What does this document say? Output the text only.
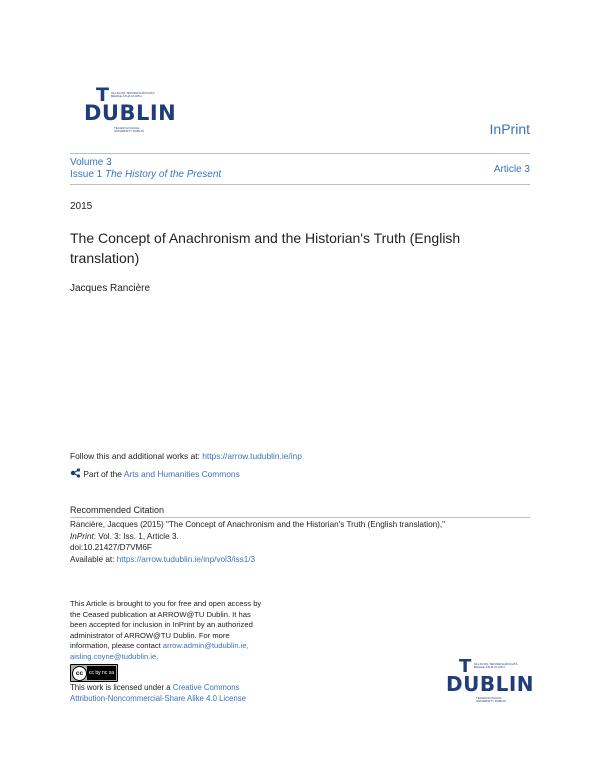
T OLLSCOIL TEICNEOLAÍOCHTA
BHAILE ÁTHA CLIATH
DUBLIN
TECHNOLOGICAL
UNIVERSITY DUBLIN	InPrint
Volume 3
Issue 1 The History of the Present	Article 3
2015
The Concept of Anachronism and the Historian's Truth (English translation)
Jacques Rancière
Follow this and additional works at: https://arrow.tudublin.ie/inp
Part of the Arts and Humanities Commons
Recommended Citation
Rancière, Jacques (2015) "The Concept of Anachronism and the Historian's Truth (English translation),"
InPrint: Vol. 3: Iss. 1, Article 3.
doi:10.21427/D7VM6F
Available at: https://arrow.tudublin.ie/inp/vol3/iss1/3
This Article is brought to you for free and open access by
the Ceased publication at ARROW@TU Dublin. It has
been accepted for inclusion in InPrint by an authorized
administrator of ARROW@TU Dublin. For more
information, please contact arrow.admin@tudublin.ie,
aisling.coyne@tudublin.ie.
cc	cc by nc sa
This work is licensed under a Creative Commons
Attribution-Noncommercial-Share Alike 4.0 License
T OLLSCOIL TEICNEOLAÍOCHTA
BHAILE ÁTHA CLIATH
DUBLIN
TECHNOLOGICAL
UNIVERSITY DUBLIN
